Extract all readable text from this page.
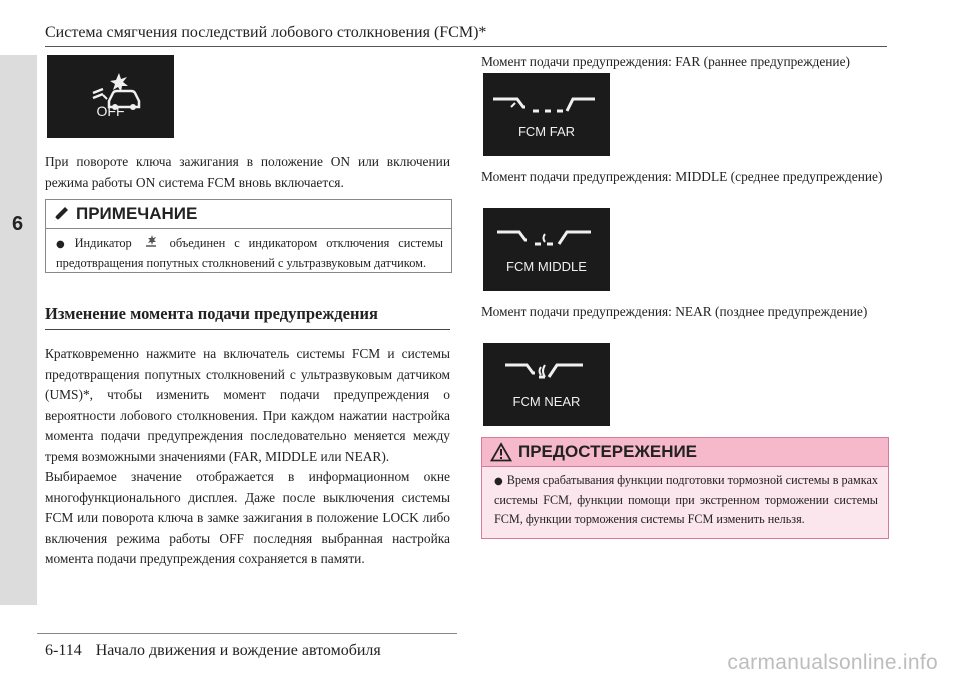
Система смягчения последствий лобового столкновения (FCM)*
6
OFF

При повороте ключа зажигания в положение ON или включении режима работы ON система FCM вновь включается.

ПРИМЕЧАНИЕ
● Индикатор	объединен с индикатором отключения системы предотвращения попутных столкновений с ультразвуковым датчиком.
Изменение момента подачи предупреждения

Кратковременно нажмите на включатель системы FCM и системы предотвращения попутных столкновений с ультразвуковым датчиком (UMS)*, чтобы изменить момент подачи предупреждения о вероятности лобового столкновения. При каждом нажатии настройка момента подачи предупреждения последовательно меняется между тремя возможными значениями (FAR, MIDDLE или NEAR).

Выбираемое значение отображается в информационном окне многофункционального дисплея. Даже после выключения системы FCM или поворота ключа в замке зажигания в положение LOCK либо включения режима работы OFF последняя выбранная настройка момента подачи предупреждения сохраняется в памяти.

Момент подачи предупреждения: FAR (раннее предупреждение)

FCM FAR

Момент подачи предупреждения: MIDDLE (среднее предупреждение)

FCM MIDDLE

Момент подачи предупреждения: NEAR (позднее предупреждение)

FCM NEAR
ПРЕДОСТЕРЕЖЕНИЕ
● Время срабатывания функции подготовки тормозной системы в рамках системы FCM, функции помощи при экстренном торможении системы FCM, функции торможения системы FCM изменить нельзя.
6-114 Начало движения и вождение автомобиля
carmanualsonline.info
